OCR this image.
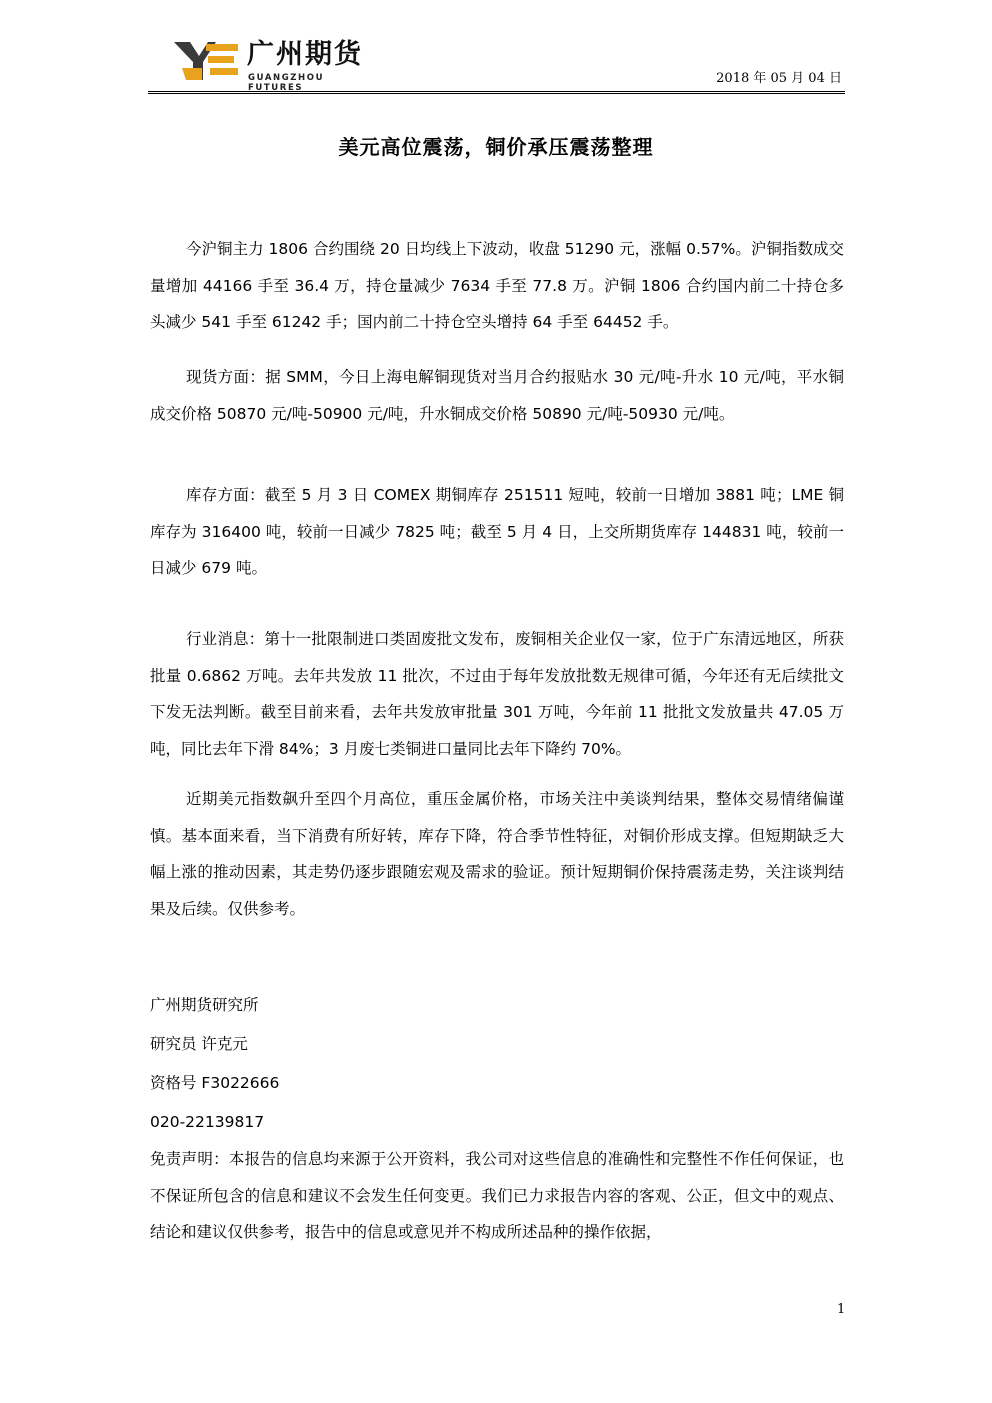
广州期货
GUANGZHOU FUTURES
2018 年 05 月 04 日
美元高位震荡，铜价承压震荡整理

今沪铜主力 1806 合约围绕 20 日均线上下波动，收盘 51290 元，涨幅 0.57%。沪铜指数成交量增加 44166 手至 36.4 万，持仓量减少 7634 手至 77.8 万。沪铜 1806 合约国内前二十持仓多头减少 541 手至 61242 手；国内前二十持仓空头增持 64 手至 64452 手。

现货方面：据 SMM，今日上海电解铜现货对当月合约报贴水 30 元/吨-升水 10 元/吨，平水铜成交价格 50870 元/吨-50900 元/吨，升水铜成交价格 50890 元/吨-50930 元/吨。

库存方面：截至 5 月 3 日 COMEX 期铜库存 251511 短吨，较前一日增加 3881 吨；LME 铜库存为 316400 吨，较前一日减少 7825 吨；截至 5 月 4 日，上交所期货库存 144831 吨，较前一日减少 679 吨。

行业消息：第十一批限制进口类固废批文发布，废铜相关企业仅一家，位于广东清远地区，所获批量 0.6862 万吨。去年共发放 11 批次，不过由于每年发放批数无规律可循，今年还有无后续批文下发无法判断。截至目前来看，去年共发放审批量 301 万吨，今年前 11 批批文发放量共 47.05 万吨，同比去年下滑 84%；3 月废七类铜进口量同比去年下降约 70%。

近期美元指数飙升至四个月高位，重压金属价格，市场关注中美谈判结果，整体交易情绪偏谨慎。基本面来看，当下消费有所好转，库存下降，符合季节性特征，对铜价形成支撑。但短期缺乏大幅上涨的推动因素，其走势仍逐步跟随宏观及需求的验证。预计短期铜价保持震荡走势，关注谈判结果及后续。仅供参考。

广州期货研究所
研究员 许克元
资格号 F3022666
020-22139817

免责声明：本报告的信息均来源于公开资料，我公司对这些信息的准确性和完整性不作任何保证，也不保证所包含的信息和建议不会发生任何变更。我们已力求报告内容的客观、公正，但文中的观点、结论和建议仅供参考，报告中的信息或意见并不构成所述品种的操作依据，

1
